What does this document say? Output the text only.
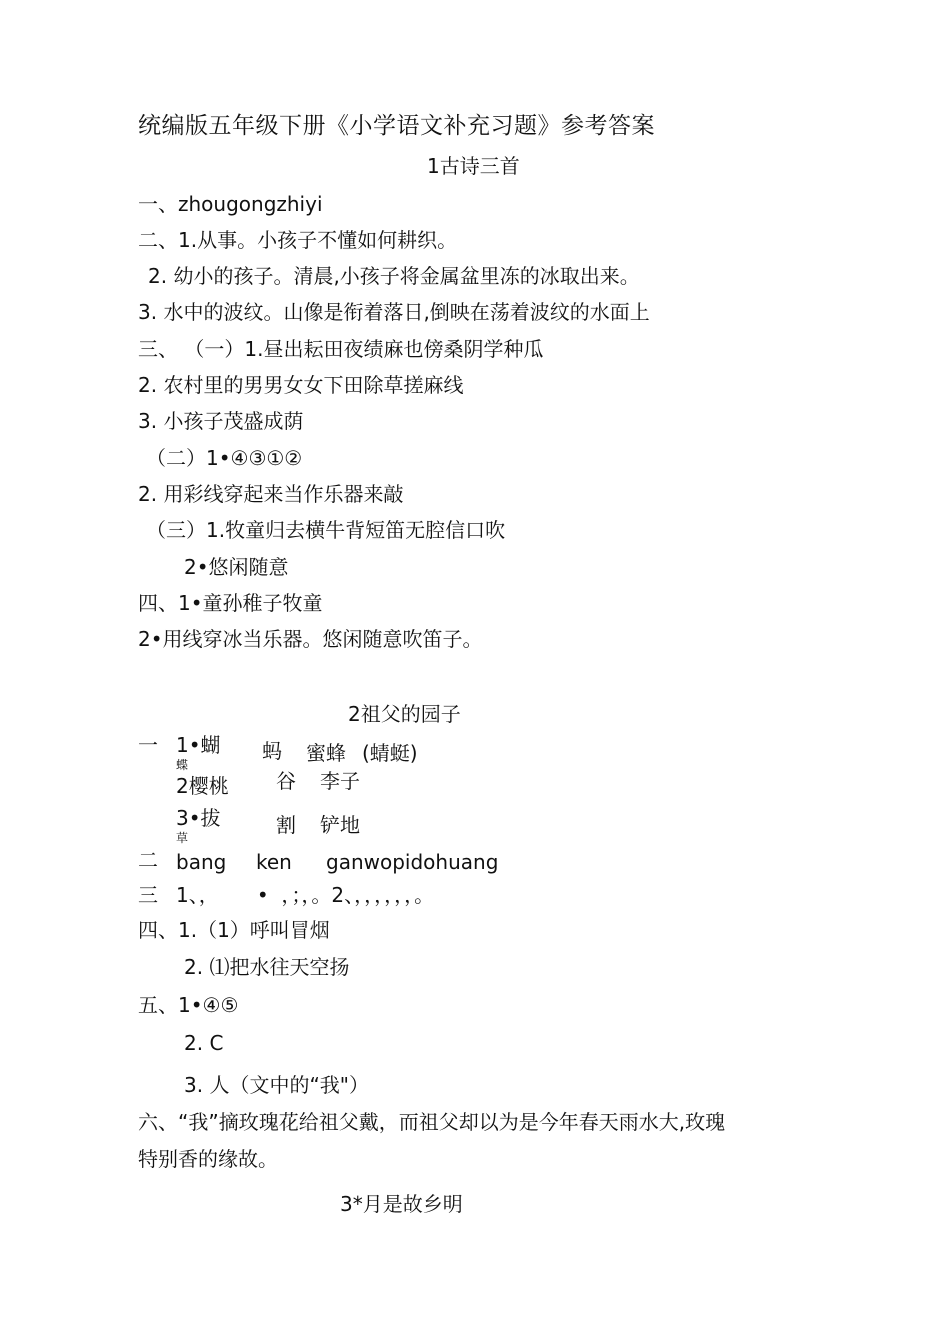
统编版五年级下册《小学语文补充习题》参考答案
1古诗三首
一、zhougongzhiyi
二、1.从事。小孩子不懂如何耕织。
2. 幼小的孩子。清晨,小孩子将金属盆里冻的冰取出来。
3. 水中的波纹。山像是衔着落日,倒映在荡着波纹的水面上
三、 （一）1.昼出耘田夜绩麻也傍桑阴学种瓜
2. 农村里的男男女女下田除草搓麻线
3. 小孩子茂盛成荫
（二）1•④③①②
2. 用彩线穿起来当作乐器来敲
（三）1.牧童归去横牛背短笛无腔信口吹
2•悠闲随意
四、1•童孙稚子牧童
2•用线穿冰当乐器。悠闲随意吹笛子。
2祖父的园子
一 1•蝴
蝶
蚂 蜜蜂 (蜻蜓)
2樱桃 谷 李子
3•拔
草
割 铲地
二 bang ken ganwopidohuang
三 1、，      •  ，；，。2、，，，，，，。
四、1.（1）呼叫冒烟
2. ⑴把水往天空扬
五、1•④⑤
2. C
3. 人（文中的“我"）
六、“我”摘玫瑰花给祖父戴，而祖父却以为是今年春天雨水大,玫瑰
特别香的缘故。
3*月是故乡明
